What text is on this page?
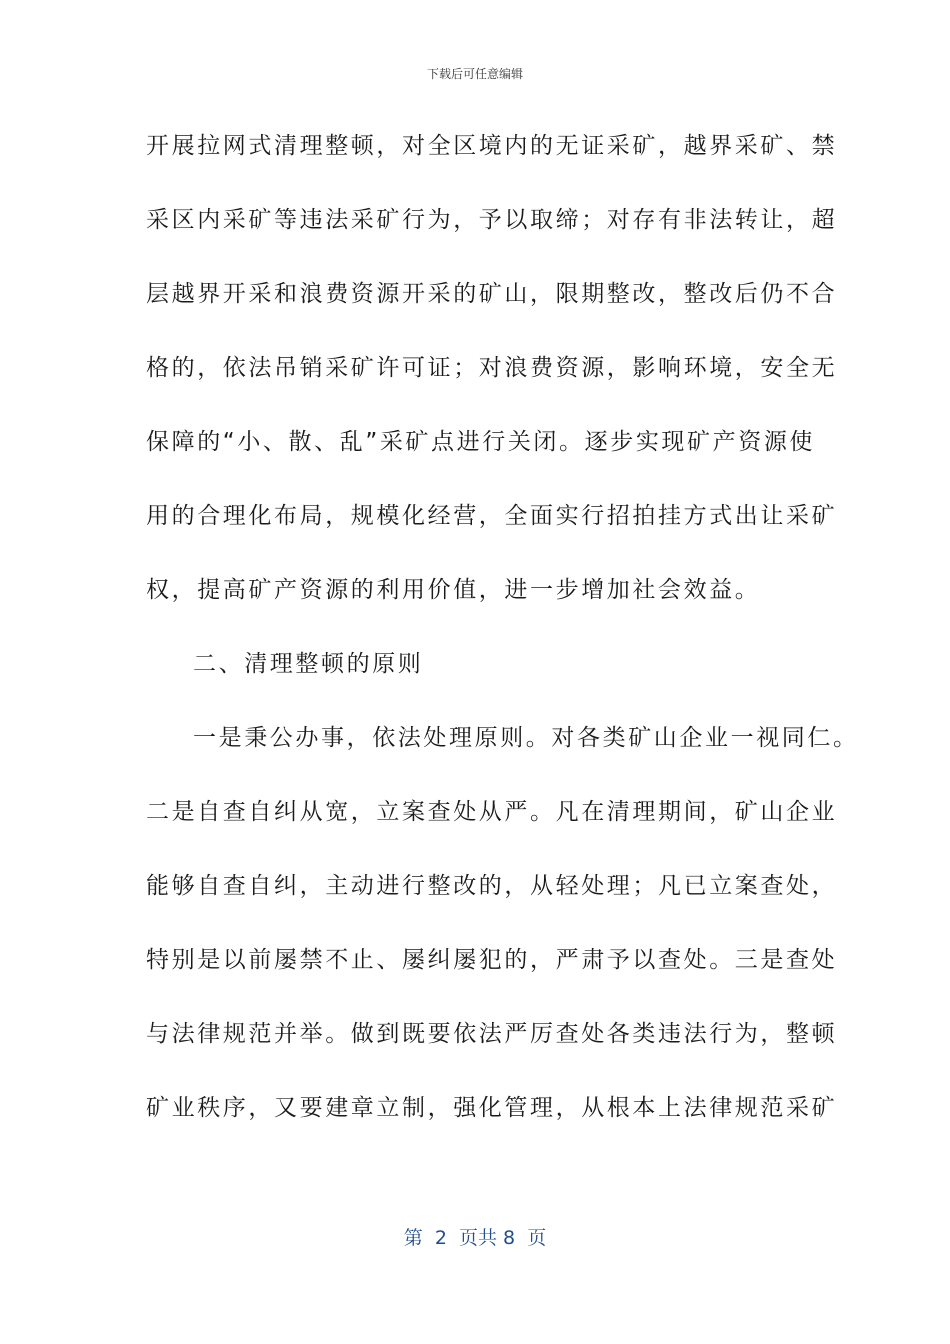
下载后可任意编辑
开展拉网式清理整顿，对全区境内的无证采矿，越界采矿、禁
采区内采矿等违法采矿行为，予以取缔；对存有非法转让，超
层越界开采和浪费资源开采的矿山，限期整改，整改后仍不合
格的，依法吊销采矿许可证；对浪费资源，影响环境，安全无
保障的“小、散、乱”采矿点进行关闭。逐步实现矿产资源使
用的合理化布局，规模化经营，全面实行招拍挂方式出让采矿
权，提高矿产资源的利用价值，进一步增加社会效益。
二、清理整顿的原则
一是秉公办事，依法处理原则。对各类矿山企业一视同仁。
二是自查自纠从宽，立案查处从严。凡在清理期间，矿山企业
能够自查自纠，主动进行整改的，从轻处理；凡已立案查处，
特别是以前屡禁不止、屡纠屡犯的，严肃予以查处。三是查处
与法律规范并举。做到既要依法严厉查处各类违法行为，整顿
矿业秩序，又要建章立制，强化管理，从根本上法律规范采矿
第  2  页共 8  页
